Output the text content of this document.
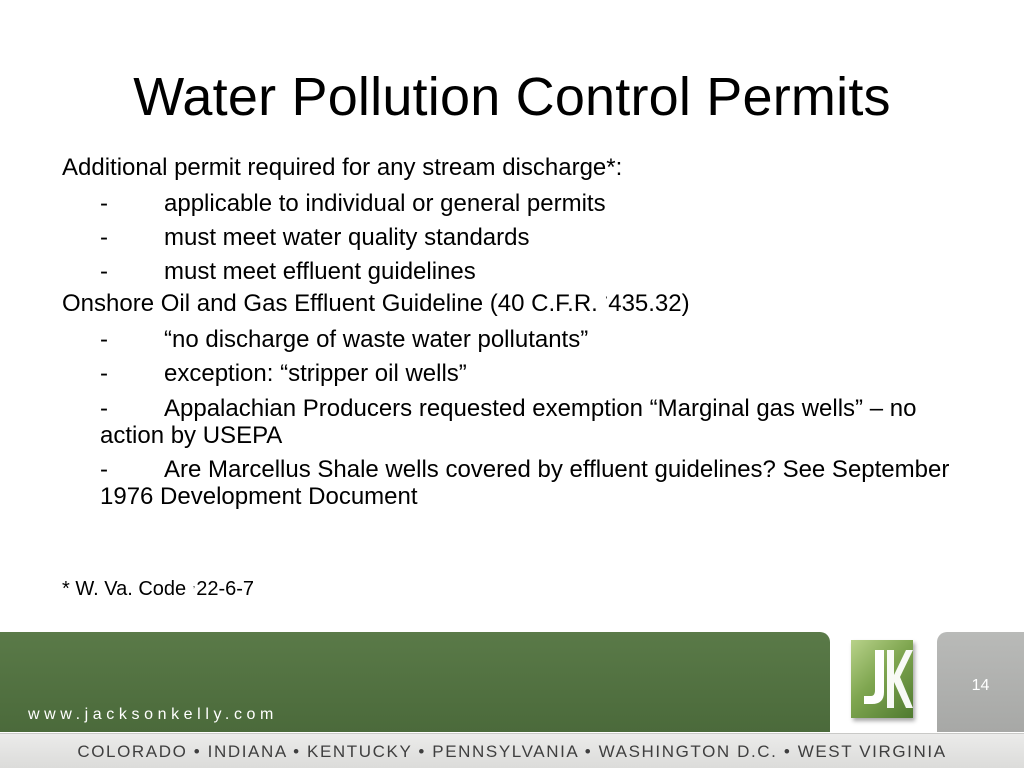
Water Pollution Control Permits
Additional permit required for any stream discharge*:
- applicable to individual or general permits
- must meet water quality standards
- must meet effluent guidelines
Onshore Oil and Gas Effluent Guideline (40 C.F.R. '435.32)
- “no discharge of waste water pollutants”
- exception: “stripper oil wells”
- Appalachian Producers requested exemption “Marginal gas wells” – no action by USEPA
- Are Marcellus Shale wells covered by effluent guidelines? See September 1976 Development Document
* W. Va. Code ,22-6-7
www.jacksonkelly.com
14
COLORADO • INDIANA • KENTUCKY • PENNSYLVANIA • WASHINGTON D.C. • WEST VIRGINIA
